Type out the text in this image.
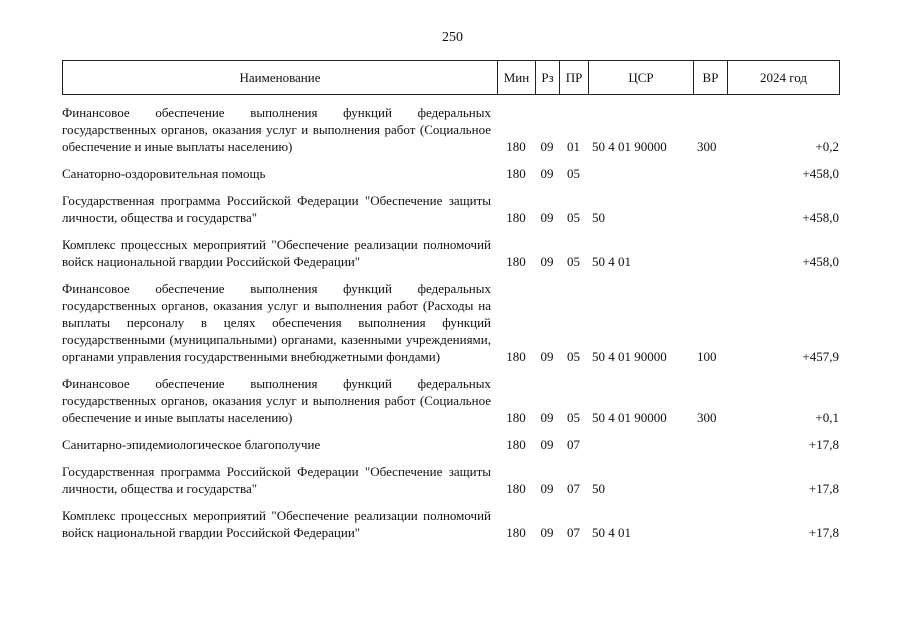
250
Наименование	Мин	Рз	ПР	ЦСР	ВР	2024 год
Финансовое обеспечение выполнения функций федеральных государственных органов, оказания услуг и выполнения работ (Социальное обеспечение и иные выплаты населению)	180	09	01	50 4 01 90000	300	+0,2

Санаторно-оздоровительная помощь	180	09	05			+458,0

Государственная программа Российской Федерации "Обеспечение защиты личности, общества и государства"	180	09	05	50		+458,0

Комплекс процессных мероприятий "Обеспечение реализации полномочий войск национальной гвардии Российской Федерации"	180	09	05	50 4 01		+458,0

Финансовое обеспечение выполнения функций федеральных государственных органов, оказания услуг и выполнения работ (Расходы на выплаты персоналу в целях обеспечения выполнения функций государственными (муниципальными) органами, казенными учреждениями, органами управления государственными внебюджетными фондами)	180	09	05	50 4 01 90000	100	+457,9

Финансовое обеспечение выполнения функций федеральных государственных органов, оказания услуг и выполнения работ (Социальное обеспечение и иные выплаты населению)	180	09	05	50 4 01 90000	300	+0,1

Санитарно-эпидемиологическое благополучие	180	09	07			+17,8

Государственная программа Российской Федерации "Обеспечение защиты личности, общества и государства"	180	09	07	50		+17,8

Комплекс процессных мероприятий "Обеспечение реализации полномочий войск национальной гвардии Российской Федерации"	180	09	07	50 4 01		+17,8
